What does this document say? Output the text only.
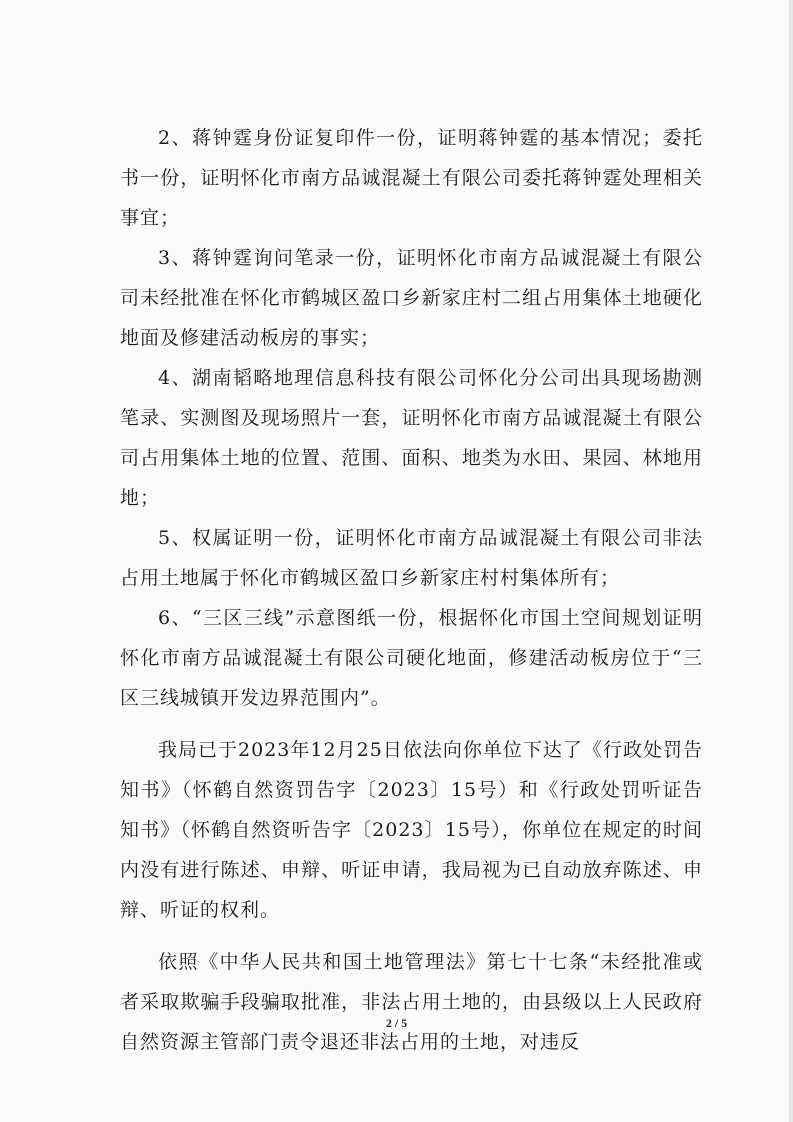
2、蒋钟霆身份证复印件一份，证明蒋钟霆的基本情况；委托书一份，证明怀化市南方品诚混凝土有限公司委托蒋钟霆处理相关事宜；

3、蒋钟霆询问笔录一份，证明怀化市南方品诚混凝土有限公司未经批准在怀化市鹤城区盈口乡新家庄村二组占用集体土地硬化地面及修建活动板房的事实；

4、湖南韬略地理信息科技有限公司怀化分公司出具现场勘测笔录、实测图及现场照片一套，证明怀化市南方品诚混凝土有限公司占用集体土地的位置、范围、面积、地类为水田、果园、林地用地；

5、权属证明一份，证明怀化市南方品诚混凝土有限公司非法占用土地属于怀化市鹤城区盈口乡新家庄村村集体所有；

6、“三区三线”示意图纸一份，根据怀化市国土空间规划证明怀化市南方品诚混凝土有限公司硬化地面，修建活动板房位于“三区三线城镇开发边界范围内”。

我局已于2023年12月25日依法向你单位下达了《行政处罚告知书》（怀鹤自然资罚告字〔2023〕15号）和《行政处罚听证告知书》（怀鹤自然资听告字〔2023〕15号），你单位在规定的时间内没有进行陈述、申辩、听证申请，我局视为已自动放弃陈述、申辩、听证的权利。

依照《中华人民共和国土地管理法》第七十七条“未经批准或者采取欺骗手段骗取批准，非法占用土地的，由县级以上人民政府自然资源主管部门责令退还非法占用的土地，对违反

2 / 5
